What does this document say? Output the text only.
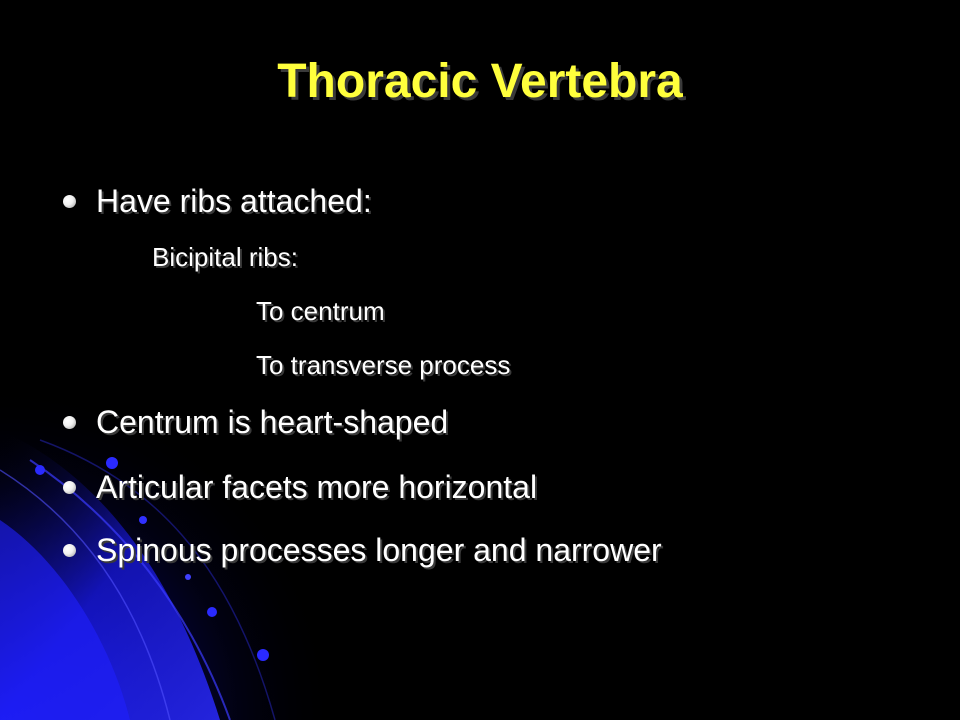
Thoracic Vertebra
Have ribs attached:
Bicipital ribs:
To centrum
To transverse process
Centrum is heart-shaped
Articular facets more horizontal
Spinous processes longer and narrower
